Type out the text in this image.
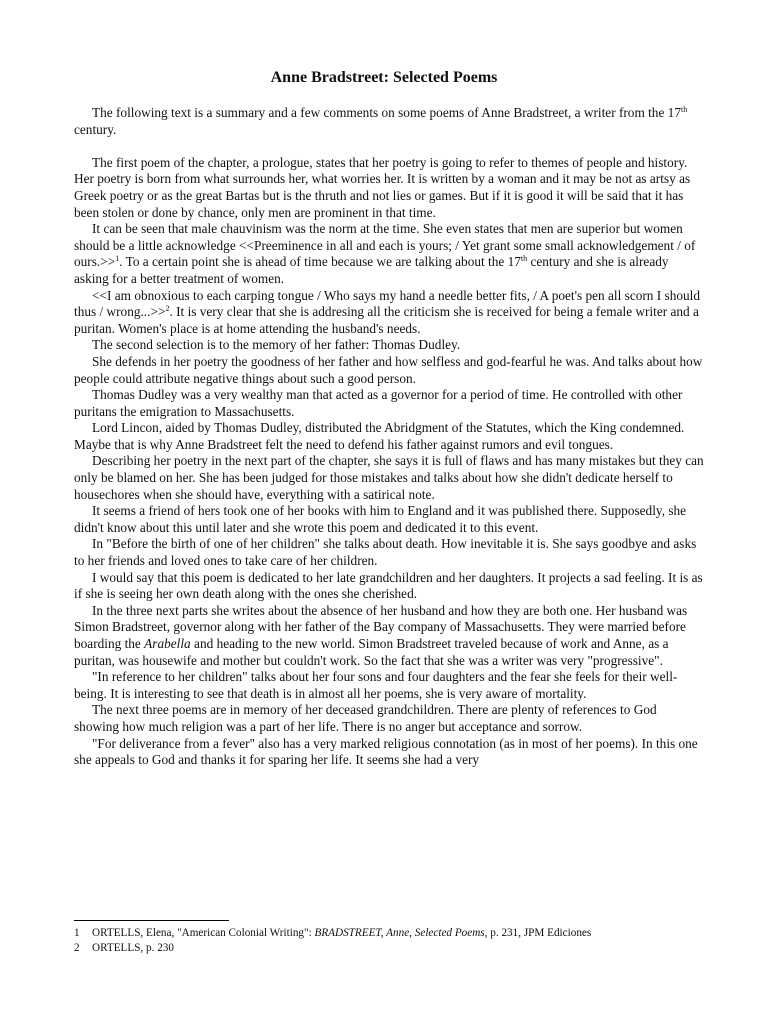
Anne Bradstreet: Selected Poems

The following text is a summary and a few comments on some poems of Anne Bradstreet, a writer from the 17th century.

The first poem of the chapter, a prologue, states that her poetry is going to refer to themes of people and history. Her poetry is born from what surrounds her, what worries her. It is written by a woman and it may be not as artsy as Greek poetry or as the great Bartas but is the thruth and not lies or games. But if it is good it will be said that it has been stolen or done by chance, only men are prominent in that time.

It can be seen that male chauvinism was the norm at the time. She even states that men are superior but women should be a little acknowledge <<Preeminence in all and each is yours; / Yet grant some small acknowledgement / of ours.>>$^1$. To a certain point she is ahead of time because we are talking about the 17th century and she is already asking for a better treatment of women.

<<I am obnoxious to each carping tongue / Who says my hand a needle better fits, / A poet's pen all scorn I should thus / wrong...>>$^2$. It is very clear that she is addresing all the criticism she is received for being a female writer and a puritan. Women's place is at home attending the husband's needs.

The second selection is to the memory of her father: Thomas Dudley.

She defends in her poetry the goodness of her father and how selfless and god-fearful he was. And talks about how people could attribute negative things about such a good person.

Thomas Dudley was a very wealthy man that acted as a governor for a period of time. He controlled with other puritans the emigration to Massachusetts.

Lord Lincon, aided by Thomas Dudley, distributed the Abridgment of the Statutes, which the King condemned. Maybe that is why Anne Bradstreet felt the need to defend his father against rumors and evil tongues.

Describing her poetry in the next part of the chapter, she says it is full of flaws and has many mistakes but they can only be blamed on her. She has been judged for those mistakes and talks about how she didn't dedicate herself to housechores when she should have, everything with a satirical note.

It seems a friend of hers took one of her books with him to England and it was published there. Supposedly, she didn't know about this until later and she wrote this poem and dedicated it to this event.

In "Before the birth of one of her children" she talks about death. How inevitable it is. She says goodbye and asks to her friends and loved ones to take care of her children.

I would say that this poem is dedicated to her late grandchildren and her daughters. It projects a sad feeling. It is as if she is seeing her own death along with the ones she cherished.

In the three next parts she writes about the absence of her husband and how they are both one. Her husband was Simon Bradstreet, governor along with her father of the Bay company of Massachusetts. They were married before boarding the Arabella and heading to the new world. Simon Bradstreet traveled because of work and Anne, as a puritan, was housewife and mother but couldn't work. So the fact that she was a writer was very "progressive".

"In reference to her children" talks about her four sons and four daughters and the fear she feels for their well-being. It is interesting to see that death is in almost all her poems, she is very aware of mortality.

The next three poems are in memory of her deceased grandchildren. There are plenty of references to God showing how much religion was a part of her life. There is no anger but acceptance and sorrow.

"For deliverance from a fever" also has a very marked religious connotation (as in most of her poems). In this one she appeals to God and thanks it for sparing her life. It seems she had a very

1	ORTELLS, Elena, "American Colonial Writing": BRADSTREET, Anne, Selected Poems, p. 231, JPM Ediciones
2	ORTELLS, p. 230
